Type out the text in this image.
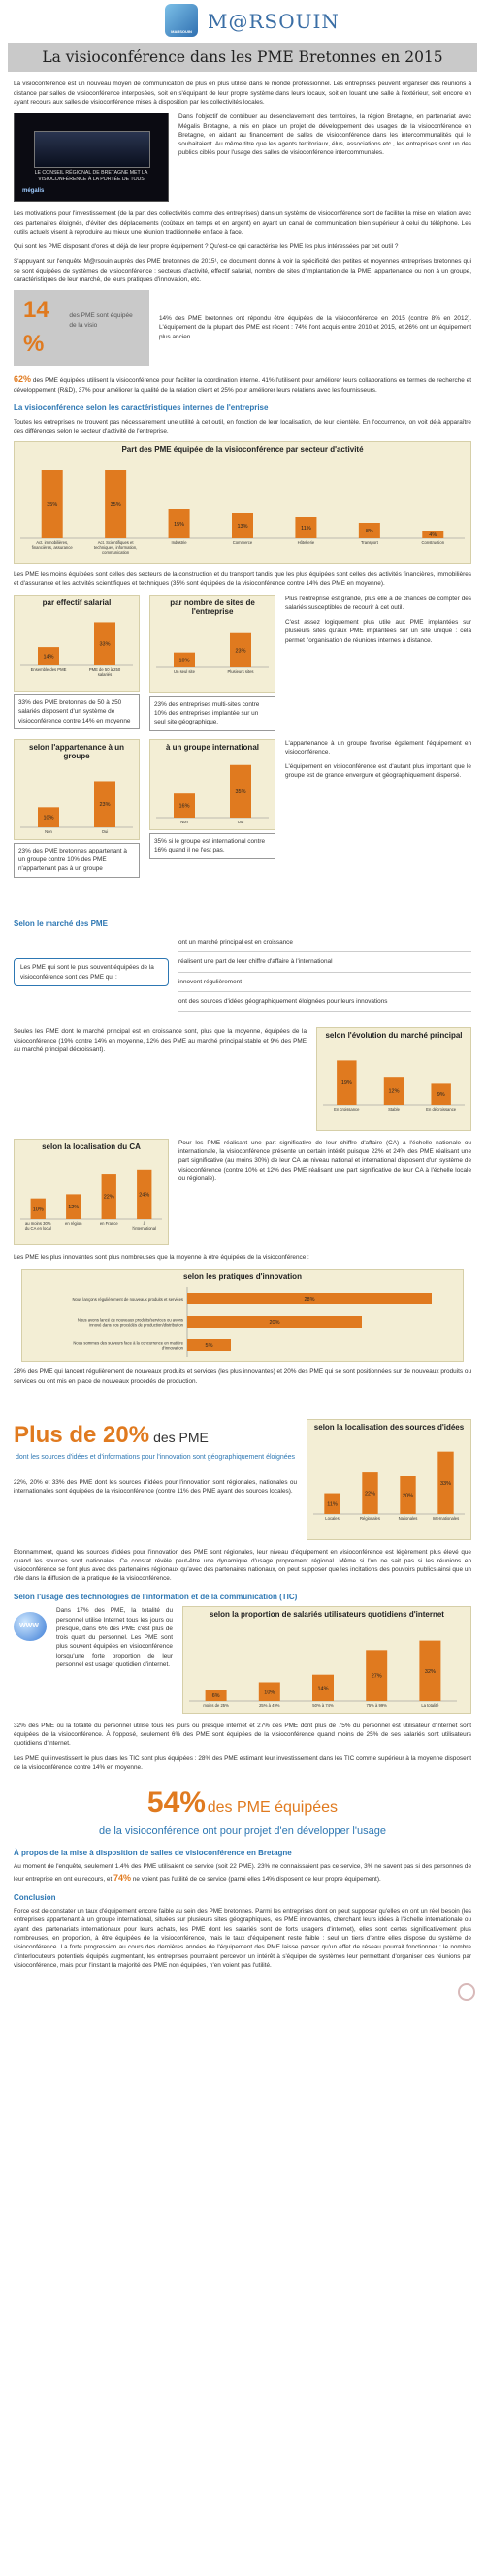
MARSOUIN M@RSOUIN
La visioconférence dans les PME Bretonnes en 2015

La visioconférence est un nouveau moyen de communication de plus en plus utilisé dans le monde professionnel. Les entreprises peuvent organiser des réunions à distance par salles de visioconférence interposées, soit en s'équipant de leur propre système dans leurs locaux, soit en louant une salle à l'extérieur, soit encore en ayant recours aux salles de visioconférence mises à disposition par les collectivités locales.

LE CONSEIL RÉGIONAL DE BRETAGNE MET LA VISIOCONFÉRENCE À LA PORTÉE DE TOUS
mégalis

Dans l'objectif de contribuer au désenclavement des territoires, la région Bretagne, en partenariat avec Mégalis Bretagne, a mis en place un projet de développement des usages de la visioconférence en Bretagne, en aidant au financement de salles de visioconférence dans les intercommunalités qui le souhaitaient. Au même titre que les agents territoriaux, élus, associations etc., les entreprises sont un des publics ciblés pour l'usage des salles de visioconférence intercommunales.

Les motivations pour l'investissement (de la part des collectivités comme des entreprises) dans un système de visioconférence sont de faciliter la mise en relation avec des partenaires éloignés, d'éviter des déplacements (coûteux en temps et en argent) en ayant un canal de communication bien supérieur à celui du téléphone. Les outils actuels visent à reproduire au mieux une réunion traditionnelle en face à face.

Qui sont les PME disposant d'ores et déjà de leur propre équipement ? Qu'est-ce qui caractérise les PME les plus intéressées par cet outil ?

S'appuyant sur l'enquête M@rsouin auprès des PME bretonnes de 2015¹, ce document donne à voir la spécificité des petites et moyennes entreprises bretonnes qui se sont équipées de systèmes de visioconférence : secteurs d'activité, effectif salarial, nombre de sites d'implantation de la PME, appartenance ou non à un groupe, caractéristiques de leur marché, de leurs pratiques d'innovation, etc.

14 %
des PME sont équipée de la visio

14% des PME bretonnes ont répondu être équipées de la visioconférence en 2015 (contre 8% en 2012). L'équipement de la plupart des PME est récent : 74% l'ont acquis entre 2010 et 2015, et 26% ont un équipement plus ancien.

62% des PME équipées utilisent la visioconférence pour faciliter la coordination interne. 41% l'utilisent pour améliorer leurs collaborations en termes de recherche et développement (R&D), 37% pour améliorer la qualité de la relation client et 25% pour améliorer leurs relations avec les fournisseurs.

La visioconférence selon les caractéristiques internes de l'entreprise

Toutes les entreprises ne trouvent pas nécessairement une utilité à cet outil, en fonction de leur localisation, de leur clientèle. En l'occurrence, on voit déjà apparaître des différences selon le secteur d'activité de l'entreprise.

Part des PME équipée de la visioconférence par secteur d'activité
35%
Act. immobilières,
financières, assurance
35%
Act. Scientifiques et
techniques, information,
communication
15%
Industrie
13%
Commerce
11%
Hôtellerie
8%
Transport
4%
Construction

Les PME les moins équipées sont celles des secteurs de la construction et du transport tandis que les plus équipées sont celles des activités financières, immobilières et d'assurance et les activités scientifiques et techniques (35% sont équipées de la visioconférence contre 14% des PME en moyenne).

par effectif salarial
14%
Ensemble des PME
33%
PME de 50 à 250
salariés
33% des PME bretonnes de 50 à 250 salariés disposent d'un système de visioconférence contre 14% en moyenne
par nombre de sites de l'entreprise
10%
Un seul site
23%
Plusieurs sites
23% des entreprises multi-sites contre 10% des entreprises implantée sur un seul site géographique.

Plus l'entreprise est grande, plus elle a de chances de compter des salariés susceptibles de recourir à cet outil.

C'est assez logiquement plus utile aux PME implantées sur plusieurs sites qu'aux PME implantées sur un site unique : cela permet l'organisation de réunions internes à distance.

selon l'appartenance à un groupe
10%
Non
23%
Oui
23% des PME bretonnes appartenant à un groupe contre 10% des PME n'appartenant pas à un groupe
à un groupe international
16%
Non
35%
Oui
35% si le groupe est international contre 16% quand il ne l'est pas.

L'appartenance à un groupe favorise également l'équipement en visioconférence.

L'équipement en visioconférence est d'autant plus important que le groupe est de grande envergure et géographiquement dispersé.

Selon le marché des PME
Les PME qui sont le plus souvent équipées de la visioconférence sont des PME qui :
ont un marché principal est en croissance
réalisent une part de leur chiffre d'affaire à l'international
innovent régulièrement
ont des sources d'idées géographiquement éloignées pour leurs innovations

Seules les PME dont le marché principal est en croissance sont, plus que la moyenne, équipées de la visioconférence (19% contre 14% en moyenne, 12% des PME au marché principal stable et 9% des PME au marché principal décroissant).

selon l'évolution du marché principal
19%
En croissance
12%
Stable
9%
En décroissance
selon la localisation du CA
10%
au moins 30%
du CA en local
12%
en région
22%
en France
24%
à
l'international

Pour les PME réalisant une part significative de leur chiffre d'affaire (CA) à l'échelle nationale ou internationale, la visioconférence présente un certain intérêt puisque 22% et 24% des PME réalisant une part significative (au moins 30%) de leur CA au niveau national et international disposent d'un système de visioconférence (contre 10% et 12% des PME réalisant une part significative de leur CA à l'échelle locale ou régionale).

Les PME les plus innovantes sont plus nombreuses que la moyenne à être équipées de la visioconférence :

selon les pratiques d'innovation
28%
Nous lançons régulièrement de nouveaux produits et services
20%
Nous avons lancé de nouveaux produits/services ou avons
innové dans nos procédés de production/distribution
5%
Nous sommes des suiveurs face à la concurrence en matière
d'innovation

28% des PME qui lancent régulièrement de nouveaux produits et services (les plus innovantes) et 20% des PME qui se sont positionnées sur de nouveaux produits ou services ou ont mis en place de nouveaux procédés de production.

Plus de 20% des PME
dont les sources d'idées et d'informations pour l'innovation sont géographiquement éloignées

22%, 20% et 33% des PME dont les sources d'idées pour l'innovation sont régionales, nationales ou internationales sont équipées de la visioconférence (contre 11% des PME ayant des sources locales).

selon la localisation des sources d'idées
11%
Locales
22%
Régionales
20%
Nationales
33%
Internationales

Etonnamment, quand les sources d'idées pour l'innovation des PME sont régionales, leur niveau d'équipement en visioconférence est légèrement plus élevé que quand les sources sont nationales. Ce constat révèle peut-être une dynamique d'usage proprement régional. Même si l'on ne sait pas si les réunions en visioconférence se font plus avec des partenaires régionaux qu'avec des partenaires nationaux, on peut supposer que les incitations des pouvoirs publics ainsi que un rôle dans la diffusion de la pratique de la visioconférence.

Selon l'usage des technologies de l'information et de la communication (TIC)
WWW

Dans 17% des PME, la totalité du personnel utilise Internet tous les jours ou presque, dans 6% des PME c'est plus de trois quart du personnel. Les PME sont plus souvent équipées en visioconférence lorsqu'une forte proportion de leur personnel est usager quotidien d'internet.

selon la proportion de salariés utilisateurs quotidiens d'internet
6%
moins de 25%
10%
25% à 49%
14%
50% à 74%
27%
75% à 99%
32%
La totalité

32% des PME où la totalité du personnel utilise tous les jours ou presque internet et 27% des PME dont plus de 75% du personnel est utilisateur d'internet sont équipées de la visioconférence. À l'opposé, seulement 6% des PME sont équipées de la visioconférence quand moins de 25% de ses salariés sont utilisateurs quotidiens d'internet.

Les PME qui investissent le plus dans les TIC sont plus équipées : 28% des PME estimant leur investissement dans les TIC comme supérieur à la moyenne disposent de la visioconférence contre 14% en moyenne.

54% des PME équipées
de la visioconférence ont pour projet d'en développer l'usage
À propos de la mise à disposition de salles de visioconférence en Bretagne

Au moment de l'enquête, seulement 1.4% des PME utilisaient ce service (soit 22 PME). 23% ne connaissaient pas ce service, 3% ne savent pas si des personnes de leur entreprise en ont eu recours, et 74% ne voient pas l'utilité de ce service (parmi elles 14% disposent de leur propre équipement).

Conclusion

Force est de constater un taux d'équipement encore faible au sein des PME bretonnes. Parmi les entreprises dont on peut supposer qu'elles en ont un réel besoin (les entreprises appartenant à un groupe international, situées sur plusieurs sites géographiques, les PME innovantes, cherchant leurs idées à l'échelle internationale ou ayant des partenariats internationaux pour leurs achats, les PME dont les salariés sont de forts usagers d'internet), elles sont certes significativement plus nombreuses, en proportion, à être équipées de la visioconférence, mais le taux d'équipement reste faible : seul un tiers d'entre elles dispose du système de visioconférence. La forte progression au cours des dernières années de l'équipement des PME laisse penser qu'un effet de réseau pourrait fonctionner : le nombre d'interlocuteurs potentiels équipés augmentant, les entreprises pourraient percevoir un intérêt à s'équiper de systèmes leur permettant d'organiser ces réunions par visioconférence, mais pour l'instant la majorité des PME non équipées, n'en voient pas l'utilité.
